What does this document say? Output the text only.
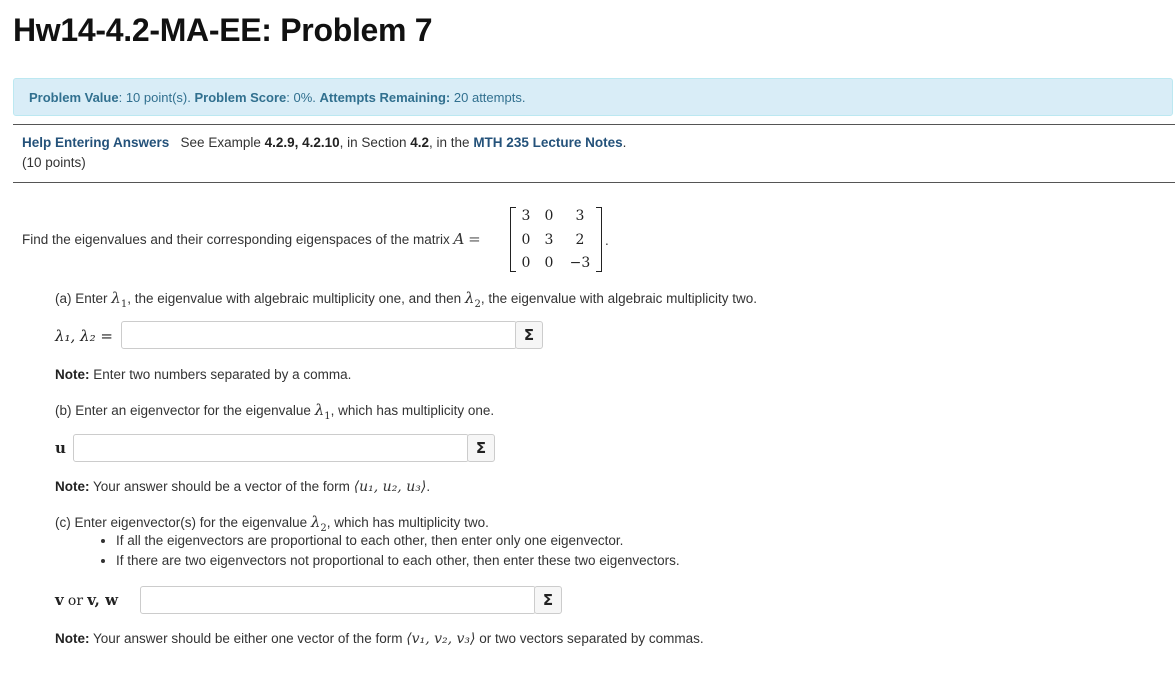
Hw14-4.2-MA-EE: Problem 7
Problem Value: 10 point(s). Problem Score: 0%. Attempts Remaining: 20 attempts.
Help Entering Answers See Example 4.2.9, 4.2.10, in Section 4.2, in the MTH 235 Lecture Notes.
(10 points)
Find the eigenvalues and their corresponding eigenspaces of the matrix A =
3	0	3
0	3	2
0	0	−3
.
(a) Enter $\lambda_1$, the eigenvalue with algebraic multiplicity one, and then $\lambda_2$, the eigenvalue with algebraic multiplicity two.
λ₁, λ₂ =	Σ
Note: Enter two numbers separated by a comma.
(b) Enter an eigenvector for the eigenvalue $\lambda_1$, which has multiplicity one.
u	Σ
Note: Your answer should be a vector of the form ⟨u₁, u₂, u₃⟩.
(c) Enter eigenvector(s) for the eigenvalue $\lambda_2$, which has multiplicity two.
• If all the eigenvectors are proportional to each other, then enter only one eigenvector.
• If there are two eigenvectors not proportional to each other, then enter these two eigenvectors.
v or v, w	Σ
Note: Your answer should be either one vector of the form ⟨v₁, v₂, v₃⟩ or two vectors separated by commas.
